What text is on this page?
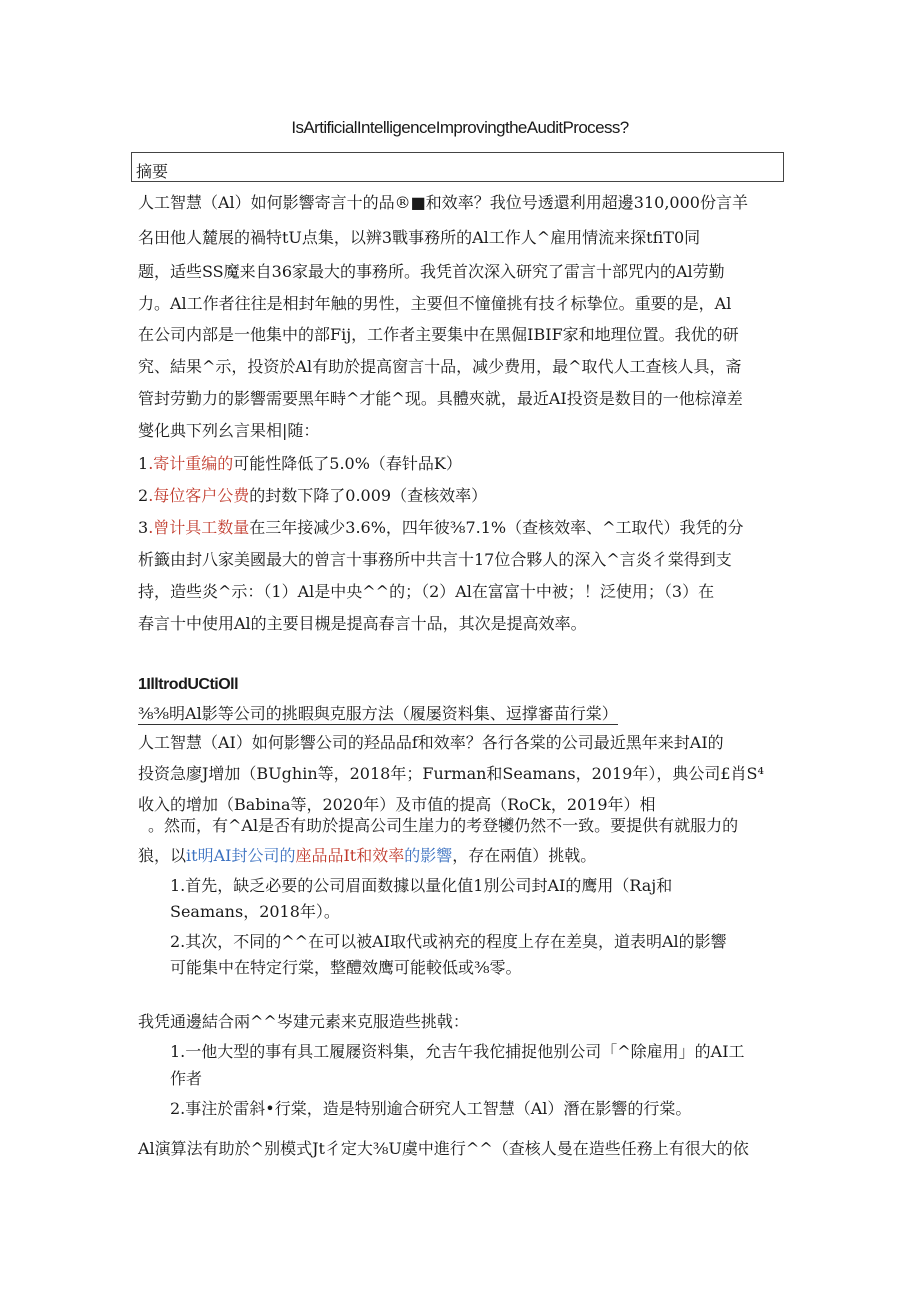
IsArtificialIntelligenceImprovingtheAuditProcess?
摘要
人工智慧（Al）如何影響寄言十的品®■和效率？我位号透還利用超邊310,000份言羊
名田他人麓展的禍特tU点集，以辨3戰事務所的Al工作人^雇用情流来探tfiT0同
题，适些SS魔来自36家最大的事務所。我凭首次深入研究了雷言十部咒内的Al劳勤
力。Al工作者往往是相封年触的男性，主要但不憧僮挑有技彳标挚位。重要的是，Al
在公司内部是一他集中的部Fij，工作者主要集中在黑倔IBIF家和地理位置。我优的研
究、結果^示，投资於Al有助於提高窗言十品，减少费用，最^取代人工查核人具，斋
管封劳勤力的影響需要黑年畤^才能^现。具體夾就，最近AI投资是数目的一他棕漳差
燮化典下列幺言果相|随：
1.寄计重编的可能性降低了5.0%（春针品K）
2.每位客户公费的封数下降了0.009（查核效率）
3.曾计具工数量在三年接减少3.6%，四年彼⅜7.1%（查核效率、^工取代）我凭的分
析籤由封八家美國最大的曾言十事務所中共言十17位合夥人的深入^言炎彳棠得到支
持，造些炎^示：（1）Al是中央^^的；（2）Al在富富十中被；！泛使用；（3）在
春言十中使用Al的主要目槻是提高春言十品，其次是提高效率。
1IlltrodUCtiOll
⅜⅜明Al影等公司的挑暇與克服方法（履屡资料集、逗撑審苗行棠）
人工智慧（AI）如何影響公司的羟品品f和效率？各行各棠的公司最近黑年来封AI的
投资急廖J增加（BUghin等，2018年；Furman和Seamans，2019年），典公司£肖S⁴
收入的增加（Babina等，2020年）及市值的提高（RoCk，2019年）相
。然而，有^Al是否有助於提高公司生崖力的考登犪仍然不一致。要提供有就服力的
狼，以it明AI封公司的座品品It和效率的影響，存在兩值）挑戟。
1.首先，缺乏必要的公司眉面数據以量化值1別公司封AI的鹰用（Raj和
Seamans，2018年）。
2.其次，不同的^^在可以被AI取代或衲充的程度上存在差臭，道表明Al的影響
可能集中在特定行棠，整醴效鹰可能較低或⅜零。
我凭通邊結合兩^^岑建元素来克服造些挑戟：
1.一他大型的事有具工履屦资料集，允吉午我佗捕捉他别公司「^除雇用」的AI工
作者
2.事注於雷斜•行棠，造是特别逾合研究人工智慧（Al）潛在影響的行棠。
Al演算法有助於^别模式Jt彳定大⅜U虞中進行^^（查核人曼在造些任務上有很大的依
